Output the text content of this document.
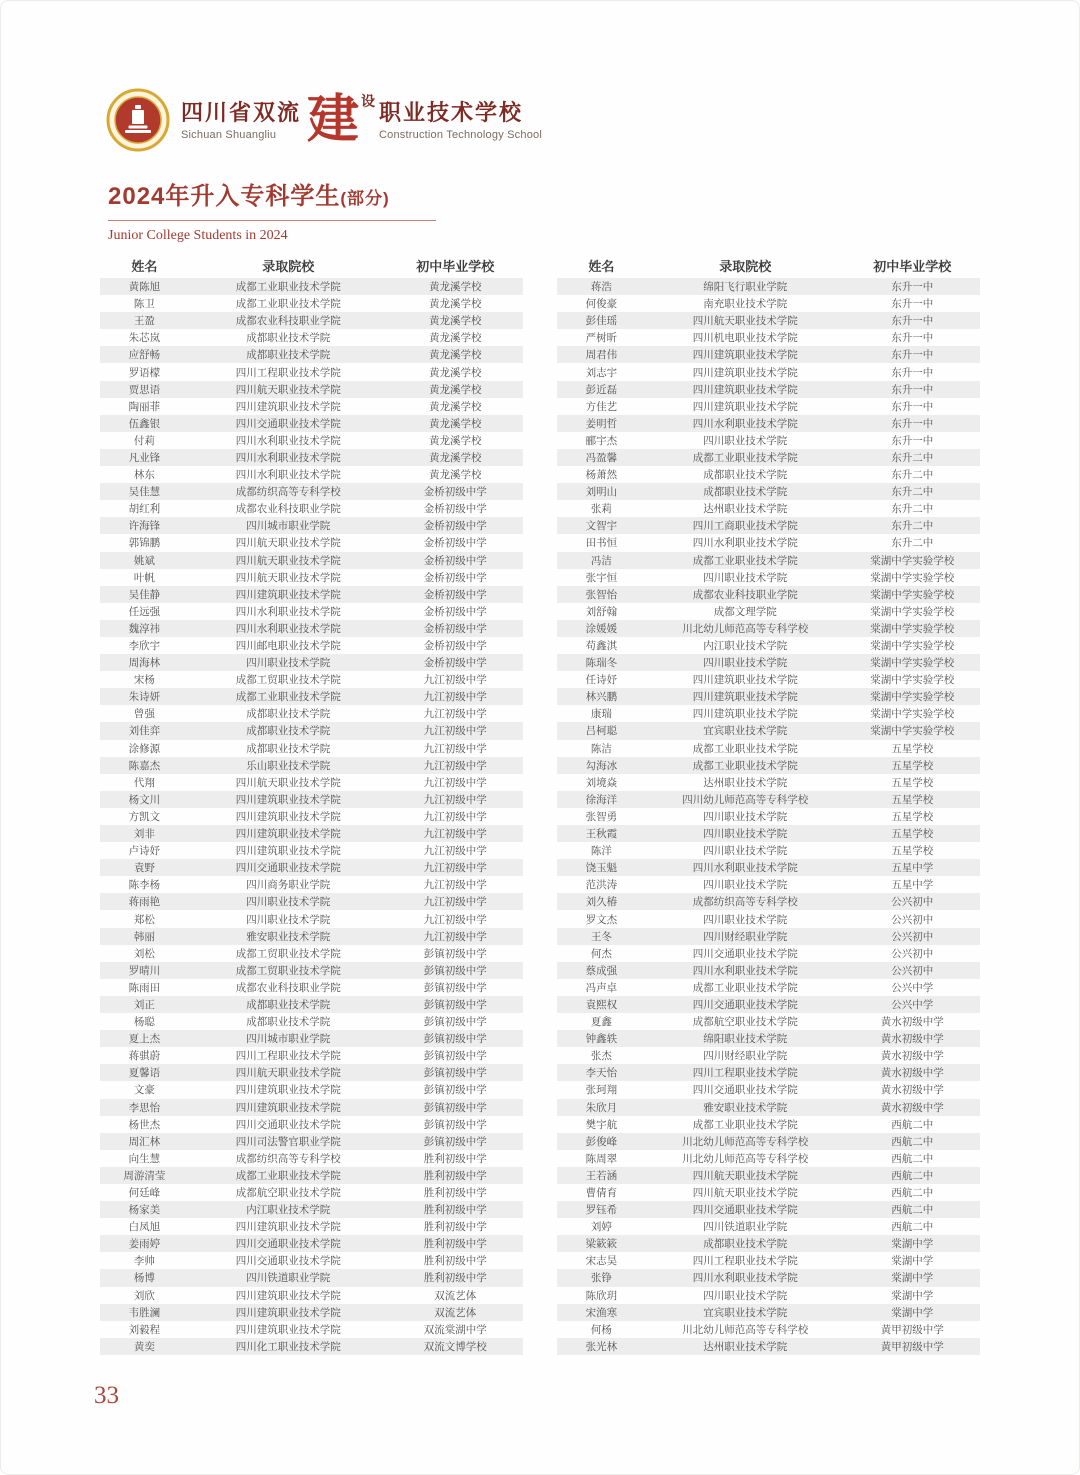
四川省双流
Sichuan Shuangliu
设
建 职业技术学校
Construction Technology School
2024年升入专科学生(部分)
Junior College Students in 2024
姓名	录取院校	初中毕业学校
黄陈旭	成都工业职业技术学院	黄龙溪学校
陈卫	成都工业职业技术学院	黄龙溪学校
王盈	成都农业科技职业学院	黄龙溪学校
朱芯岚	成都职业技术学院	黄龙溪学校
应舒畅	成都职业技术学院	黄龙溪学校
罗语檬	四川工程职业技术学院	黄龙溪学校
贾思语	四川航天职业技术学院	黄龙溪学校
陶丽菲	四川建筑职业技术学院	黄龙溪学校
伍鑫银	四川交通职业技术学院	黄龙溪学校
付莉	四川水利职业技术学院	黄龙溪学校
凡业锋	四川水利职业技术学院	黄龙溪学校
林东	四川水利职业技术学院	黄龙溪学校
吴佳慧	成都纺织高等专科学校	金桥初级中学
胡红利	成都农业科技职业学院	金桥初级中学
许海锋	四川城市职业学院	金桥初级中学
郭锦鹏	四川航天职业技术学院	金桥初级中学
姚斌	四川航天职业技术学院	金桥初级中学
叶帆	四川航天职业技术学院	金桥初级中学
吴佳静	四川建筑职业技术学院	金桥初级中学
任远强	四川水利职业技术学院	金桥初级中学
魏淳祎	四川水利职业技术学院	金桥初级中学
李欣宇	四川邮电职业技术学院	金桥初级中学
周海林	四川职业技术学院	金桥初级中学
宋杨	成都工贸职业技术学院	九江初级中学
朱诗妍	成都工业职业技术学院	九江初级中学
曾强	成都职业技术学院	九江初级中学
刘佳弈	成都职业技术学院	九江初级中学
涂修源	成都职业技术学院	九江初级中学
陈嘉杰	乐山职业技术学院	九江初级中学
代翔	四川航天职业技术学院	九江初级中学
杨文川	四川建筑职业技术学院	九江初级中学
方凯文	四川建筑职业技术学院	九江初级中学
刘非	四川建筑职业技术学院	九江初级中学
卢诗妤	四川建筑职业技术学院	九江初级中学
袁野	四川交通职业技术学院	九江初级中学
陈李杨	四川商务职业学院	九江初级中学
蒋雨艳	四川职业技术学院	九江初级中学
郑松	四川职业技术学院	九江初级中学
韩丽	雅安职业技术学院	九江初级中学
刘松	成都工贸职业技术学院	彭镇初级中学
罗晴川	成都工贸职业技术学院	彭镇初级中学
陈雨田	成都农业科技职业学院	彭镇初级中学
刘正	成都职业技术学院	彭镇初级中学
杨聪	成都职业技术学院	彭镇初级中学
夏上杰	四川城市职业学院	彭镇初级中学
蒋骐蔚	四川工程职业技术学院	彭镇初级中学
夏馨语	四川航天职业技术学院	彭镇初级中学
文豪	四川建筑职业技术学院	彭镇初级中学
李思怡	四川建筑职业技术学院	彭镇初级中学
杨世杰	四川交通职业技术学院	彭镇初级中学
周汇林	四川司法警官职业学院	彭镇初级中学
向生慧	成都纺织高等专科学校	胜利初级中学
周游清莹	成都工业职业技术学院	胜利初级中学
何廷峰	成都航空职业技术学院	胜利初级中学
杨家美	内江职业技术学院	胜利初级中学
白凤旭	四川建筑职业技术学院	胜利初级中学
姜雨婷	四川交通职业技术学院	胜利初级中学
李帅	四川交通职业技术学院	胜利初级中学
杨博	四川铁道职业学院	胜利初级中学
刘欣	四川建筑职业技术学院	双流艺体
韦胜澜	四川建筑职业技术学院	双流艺体
刘毅程	四川建筑职业技术学院	双流棠湖中学
黄奕	四川化工职业技术学院	双流文博学校
姓名	录取院校	初中毕业学校
蒋浩	绵阳飞行职业学院	东升一中
何俊豪	南充职业技术学院	东升一中
彭佳瑶	四川航天职业技术学院	东升一中
严树昕	四川机电职业技术学院	东升一中
周君伟	四川建筑职业技术学院	东升一中
刘志宇	四川建筑职业技术学院	东升一中
彭近磊	四川建筑职业技术学院	东升一中
方佳艺	四川建筑职业技术学院	东升一中
姜明哲	四川水利职业技术学院	东升一中
郦宇杰	四川职业技术学院	东升一中
冯盈馨	成都工业职业技术学院	东升二中
杨萧然	成都职业技术学院	东升二中
刘明山	成都职业技术学院	东升二中
张莉	达州职业技术学院	东升二中
文智宇	四川工商职业技术学院	东升二中
田书恒	四川水利职业技术学院	东升二中
冯洁	成都工业职业技术学院	棠湖中学实验学校
张宇恒	四川职业技术学院	棠湖中学实验学校
张智怡	成都农业科技职业学院	棠湖中学实验学校
刘舒翰	成都文理学院	棠湖中学实验学校
涂媛媛	川北幼儿师范高等专科学校	棠湖中学实验学校
苟鑫淇	内江职业技术学院	棠湖中学实验学校
陈瑞冬	四川职业技术学院	棠湖中学实验学校
任诗妤	四川建筑职业技术学院	棠湖中学实验学校
林兴鹏	四川建筑职业技术学院	棠湖中学实验学校
康瑞	四川建筑职业技术学院	棠湖中学实验学校
吕柯聪	宜宾职业技术学院	棠湖中学实验学校
陈洁	成都工业职业技术学院	五星学校
勾海冰	成都工业职业技术学院	五星学校
刘境焱	达州职业技术学院	五星学校
徐海洋	四川幼儿师范高等专科学校	五星学校
张智勇	四川职业技术学院	五星学校
王秋霞	四川职业技术学院	五星学校
陈洋	四川职业技术学院	五星学校
饶玉魁	四川水利职业技术学院	五星中学
范洪涛	四川职业技术学院	五星中学
刘久椿	成都纺织高等专科学校	公兴初中
罗文杰	四川职业技术学院	公兴初中
王冬	四川财经职业学院	公兴初中
何杰	四川交通职业技术学院	公兴初中
蔡成强	四川水利职业技术学院	公兴初中
冯声卓	成都工业职业技术学院	公兴中学
袁熙权	四川交通职业技术学院	公兴中学
夏鑫	成都航空职业技术学院	黄水初级中学
钟鑫轶	绵阳职业技术学院	黄水初级中学
张杰	四川财经职业学院	黄水初级中学
李天怡	四川工程职业技术学院	黄水初级中学
张珂翔	四川交通职业技术学院	黄水初级中学
朱欣月	雅安职业技术学院	黄水初级中学
樊宇航	成都工业职业技术学院	西航二中
彭俊峰	川北幼儿师范高等专科学校	西航二中
陈周翠	川北幼儿师范高等专科学校	西航二中
王若涵	四川航天职业技术学院	西航二中
曹倩育	四川航天职业技术学院	西航二中
罗钰希	四川交通职业技术学院	西航二中
刘婷	四川铁道职业学院	西航二中
梁簌簌	成都职业技术学院	棠湖中学
宋志昊	四川工程职业技术学院	棠湖中学
张铮	四川水利职业技术学院	棠湖中学
陈欣玥	四川职业技术学院	棠湖中学
宋渔寒	宜宾职业技术学院	棠湖中学
何杨	川北幼儿师范高等专科学校	黄甲初级中学
张光林	达州职业技术学院	黄甲初级中学
33
